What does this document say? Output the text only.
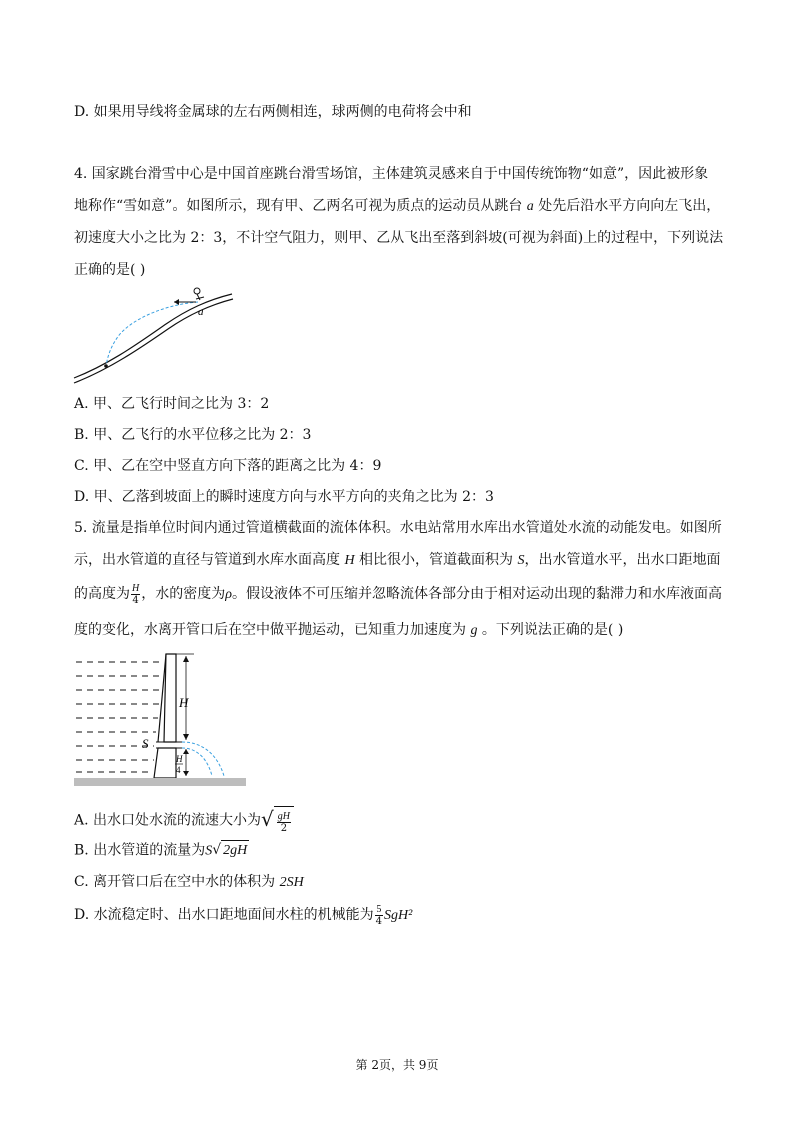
D. 如果用导线将金属球的左右两侧相连，球两侧的电荷将会中和
4. 国家跳台滑雪中心是中国首座跳台滑雪场馆，主体建筑灵感来自于中国传统饰物“如意”，因此被形象
地称作“雪如意”。如图所示，现有甲、乙两名可视为质点的运动员从跳台 a 处先后沿水平方向向左飞出，
初速度大小之比为 2：3，不计空气阻力，则甲、乙从飞出至落到斜坡(可视为斜面)上的过程中，下列说法
正确的是( )
a
A. 甲、乙飞行时间之比为 3：2
B. 甲、乙飞行的水平位移之比为 2：3
C. 甲、乙在空中竖直方向下落的距离之比为 4：9
D. 甲、乙落到坡面上的瞬时速度方向与水平方向的夹角之比为 2：3
5. 流量是指单位时间内通过管道横截面的流体体积。水电站常用水库出水管道处水流的动能发电。如图所
示，出水管道的直径与管道到水库水面高度 H 相比很小，管道截面积为 S，出水管道水平，出水口距地面
的高度为 $\frac{H}{4}$ ，水的密度为ρ。假设液体不可压缩并忽略流体各部分由于相对运动出现的黏滞力和水库液面高
度的变化，水离开管口后在空中做平抛运动，已知重力加速度为 g 。下列说法正确的是( )
H
S
H
4
A. 出水口处水流的流速大小为√ $\frac{gH}{2}$
B. 出水管道的流量为S√ 2gH
C. 离开管口后在空中水的体积为 2SH
D. 水流稳定时、出水口距地面间水柱的机械能为 $\frac{5}{4} SgH^2$
第 2页，共 9页
